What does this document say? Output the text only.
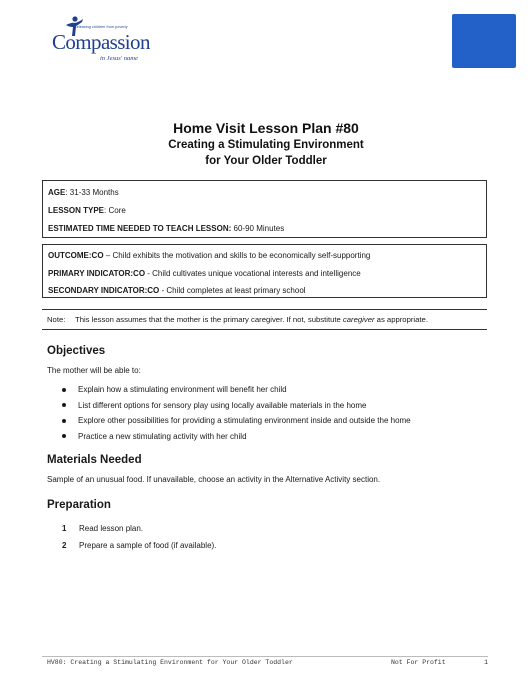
Releasing children from poverty
Compassion
in Jesus' name
Home Visit Lesson Plan #80
Creating a Stimulating Environment
for Your Older Toddler
AGE: 31-33 Months
LESSON TYPE: Core
ESTIMATED TIME NEEDED TO TEACH LESSON: 60-90 Minutes
OUTCOME:CO – Child exhibits the motivation and skills to be economically self-supporting
PRIMARY INDICATOR:CO - Child cultivates unique vocational interests and intelligence
SECONDARY INDICATOR:CO - Child completes at least primary school
Note: This lesson assumes that the mother is the primary caregiver. If not, substitute caregiver as appropriate.
Objectives
The mother will be able to:
Explain how a stimulating environment will benefit her child
List different options for sensory play using locally available materials in the home
Explore other possibilities for providing a stimulating environment inside and outside the home
Practice a new stimulating activity with her child
Materials Needed
Sample of an unusual food. If unavailable, choose an activity in the Alternative Activity section.
Preparation
1 Read lesson plan.
2 Prepare a sample of food (if available).
HV80: Creating a Stimulating Environment for Your Older Toddler	Not For Profit	1
